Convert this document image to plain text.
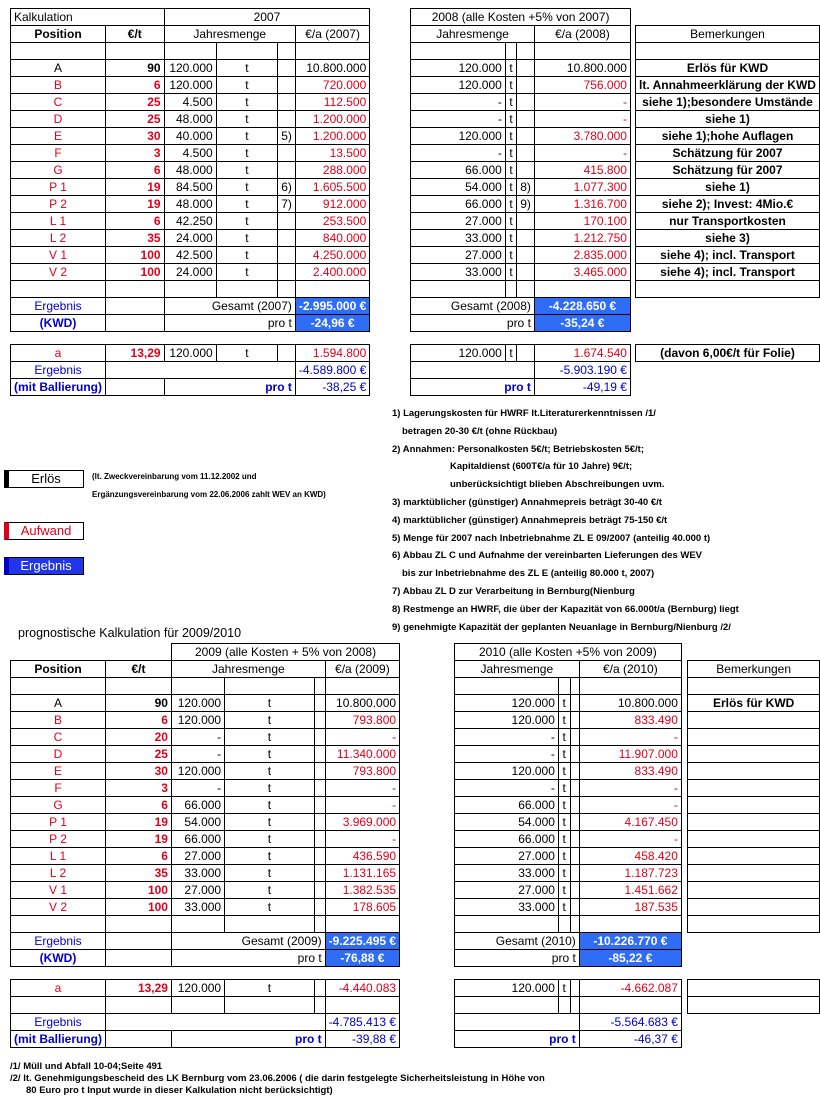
Kalkulation		2007					2008 (alle Kosten +5% von 2007)					
Position	€/t	Jahresmenge			€/a (2007)		Jahresmenge			€/a (2008)		Bemerkungen

A	90	120.000	t		10.800.000		120.000	t		10.800.000		Erlös für KWD
B	6	120.000	t		720.000		120.000	t		756.000		lt. Annahmeerklärung der KWD
C	25	4.500	t		112.500		-	t		-		siehe 1);besondere Umstände
D	25	48.000	t		1.200.000		-	t		-		siehe 1)
E	30	40.000	t	5)	1.200.000		120.000	t		3.780.000		siehe 1);hohe Auflagen
F	3	4.500	t		13.500		-	t		-		Schätzung für 2007
G	6	48.000	t		288.000		66.000	t		415.800		Schätzung für 2007
P 1	19	84.500	t	6)	1.605.500		54.000	t	8)	1.077.300		siehe 1)
P 2	19	48.000	t	7)	912.000		66.000	t	9)	1.316.700		siehe 2); Invest: 4Mio.€
L 1	6	42.250	t		253.500		27.000	t		170.100		nur Transportkosten
L 2	35	24.000	t		840.000		33.000	t		1.212.750		siehe 3)
V 1	100	42.500	t		4.250.000		27.000	t		2.835.000		siehe 4); incl. Transport
V 2	100	24.000	t		2.400.000		33.000	t		3.465.000		siehe 4); incl. Transport

Ergebnis		Gesamt (2007)			-2.995.000 €		Gesamt (2008)			-4.228.650 €		
(KWD)		pro t			-24,96 €		pro t			-35,24 €		

a	13,29	120.000	t		1.594.800		120.000	t		1.674.540		(davon 6,00€/t für Folie)
Ergebnis					-4.589.800 €					-5.903.190 €		
(mit Ballierung)		pro t			-38,25 €		pro t			-49,19 €		
Erlös	(lt. Zweckvereinbarung vom 11.12.2002 und
Ergänzungsvereinbarung vom 22.06.2006 zahlt WEV an KWD)
Aufwand
Ergebnis
1) Lagerungskosten für HWRF lt.Literaturerkenntnissen /1/
betragen 20-30 €/t (ohne Rückbau)
2) Annahmen: Personalkosten 5€/t; Betriebskosten 5€/t;
Kapitaldienst (600T€/a für 10 Jahre) 9€/t;
unberücksichtigt blieben Abschreibungen uvm.
3) marktüblicher (günstiger) Annahmepreis beträgt 30-40 €/t
4) marktüblicher (günstiger) Annahmepreis beträgt 75-150 €/t
5) Menge für 2007 nach Inbetriebnahme ZL E 09/2007 (anteilig 40.000 t)
6) Abbau ZL C und Aufnahme der vereinbarten Lieferungen des WEV
bis zur Inbetriebnahme des ZL E (anteilig 80.000 t, 2007)
7) Abbau ZL D zur Verarbeitung in Bernburg(Nienburg
8) Restmenge an HWRF, die über der Kapazität von 66.000t/a (Bernburg) liegt
9) genehmigte Kapazität der geplanten Neuanlage in Bernburg/Nienburg /2/
prognostische Kalkulation für 2009/2010
		2009 (alle Kosten + 5% von 2008)					2010 (alle Kosten +5% von 2009)					
Position	€/t	Jahresmenge			€/a (2009)		Jahresmenge			€/a (2010)		Bemerkungen

A	90	120.000	t		10.800.000		120.000	t		10.800.000		Erlös für KWD
B	6	120.000	t		793.800		120.000	t		833.490		
C	20	-	t		-		-	t		-		
D	25	-	t		11.340.000		-	t		11.907.000		
E	30	120.000	t		793.800		120.000	t		833.490		
F	3	-	t		-		-	t		-		
G	6	66.000	t		-		66.000	t		-		
P 1	19	54.000	t		3.969.000		54.000	t		4.167.450		
P 2	19	66.000	t		-		66.000	t		-		
L 1	6	27.000	t		436.590		27.000	t		458.420		
L 2	35	33.000	t		1.131.165		33.000	t		1.187.723		
V 1	100	27.000	t		1.382.535		27.000	t		1.451.662		
V 2	100	33.000	t		178.605		33.000	t		187.535		

Ergebnis		Gesamt (2009)			-9.225.495 €		Gesamt (2010)			-10.226.770 €		
(KWD)		pro t			-76,88 €		pro t			-85,22 €		

a	13,29	120.000	t		-4.440.083		120.000	t		-4.662.087		

Ergebnis					-4.785.413 €					-5.564.683 €		
(mit Ballierung)		pro t			-39,88 €		pro t			-46,37 €		
/1/ Müll und Abfall 10-04;Seite 491
/2/ lt. Genehmigungsbescheid des LK Bernburg vom 23.06.2006 ( die darin festgelegte Sicherheitsleistung in Höhe von
80 Euro pro t Input wurde in dieser Kalkulation nicht berücksichtigt)
